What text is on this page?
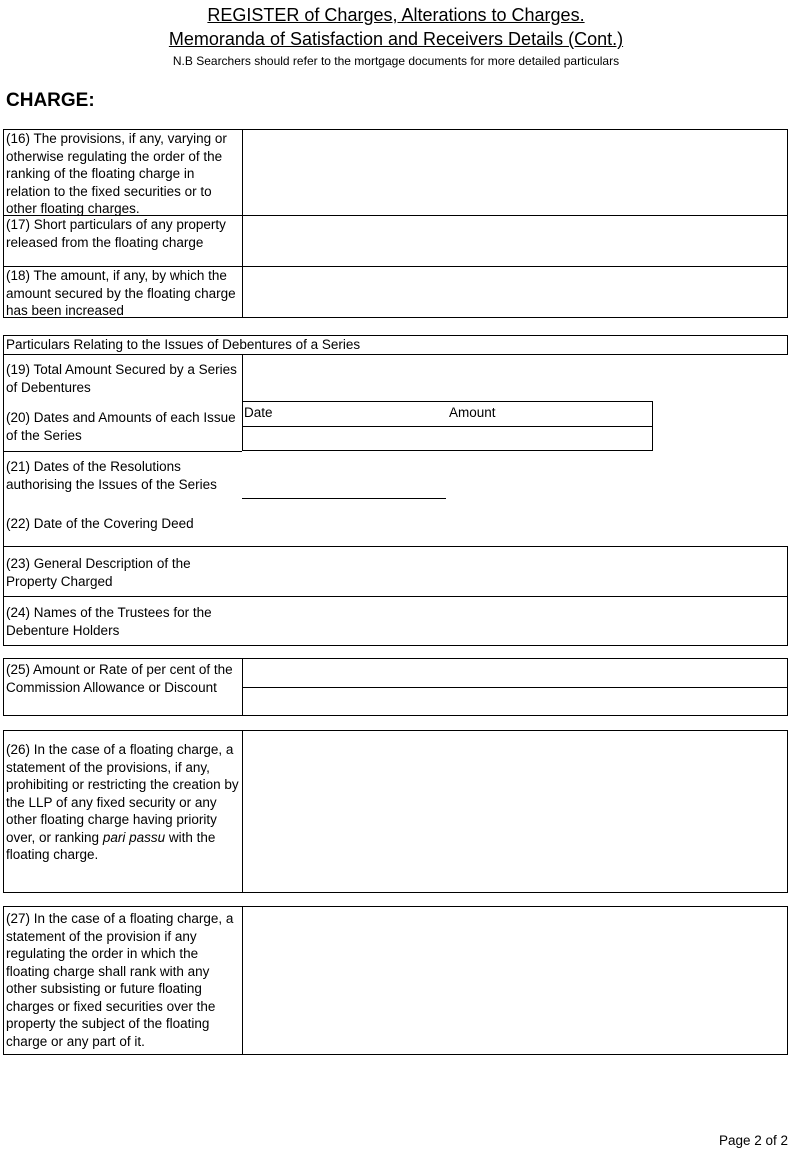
REGISTER of Charges, Alterations to Charges.
Memoranda of Satisfaction and Receivers Details (Cont.)
N.B Searchers should refer to the mortgage documents for more detailed particulars
CHARGE:
(16) The provisions, if any, varying or otherwise regulating the order of the ranking of the floating charge in relation to the fixed securities or to other floating charges.
(17) Short particulars of any property released from the floating charge
(18) The amount, if any, by which the amount secured by the floating charge has been increased
Particulars Relating to the Issues of Debentures of a Series
(19) Total Amount Secured by a Series of Debentures
Date	Amount
(20) Dates and Amounts of each Issue of the Series
(21) Dates of the Resolutions authorising the Issues of the Series
(22) Date of the Covering Deed
(23) General Description of the Property Charged
(24) Names of the Trustees for the Debenture Holders
(25) Amount or Rate of per cent of the Commission Allowance or Discount
(26) In the case of a floating charge, a statement of the provisions, if any, prohibiting or restricting the creation by the LLP of any fixed security or any other floating charge having priority over, or ranking pari passu with the floating charge.
(27) In the case of a floating charge, a statement of the provision if any regulating the order in which the floating charge shall rank with any other subsisting or future floating charges or fixed securities over the property the subject of the floating charge or any part of it.
Page 2 of 2
